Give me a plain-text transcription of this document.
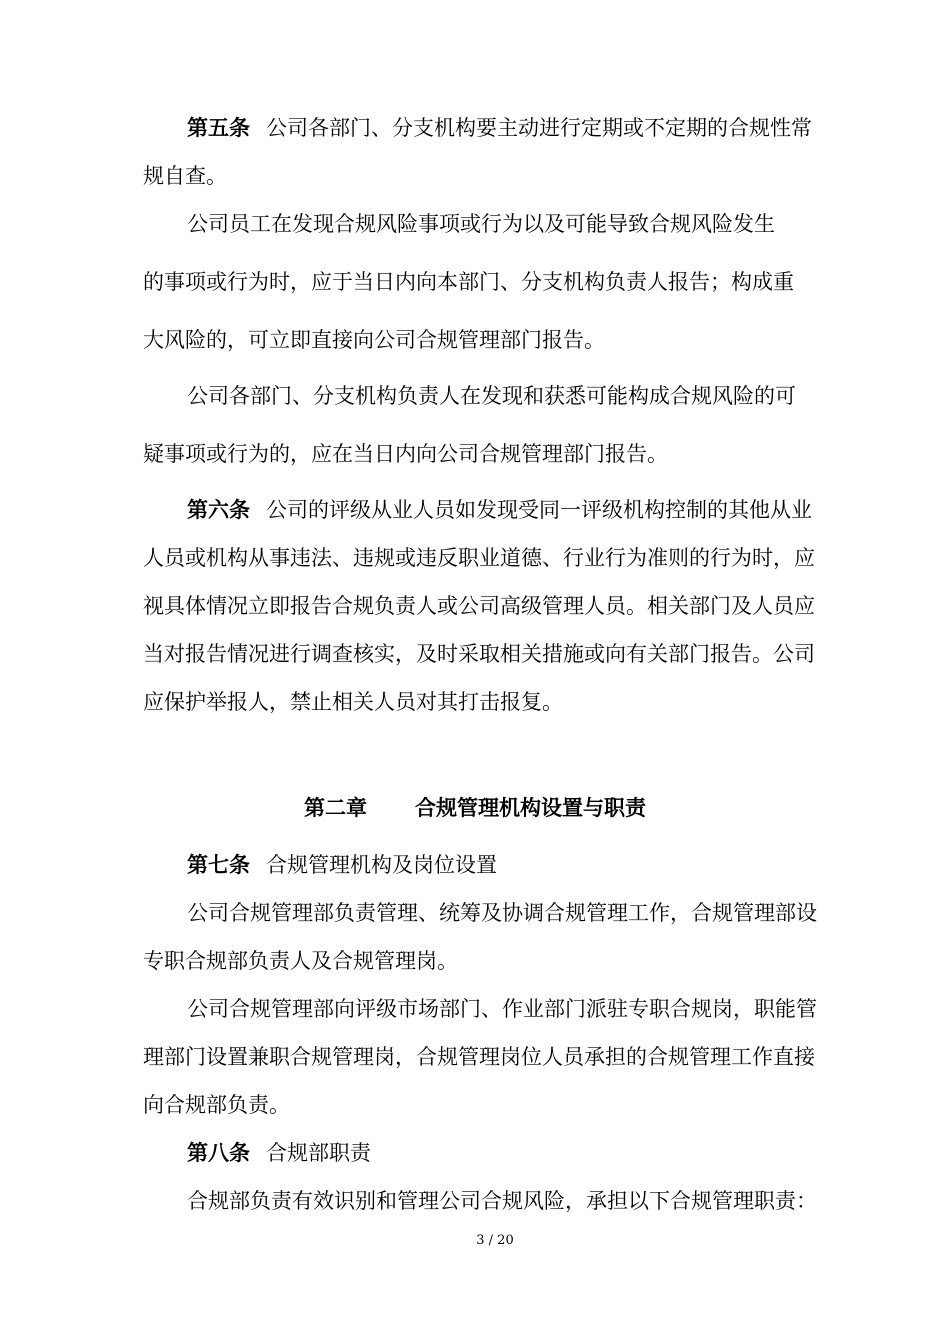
第五条 公司各部门、分支机构要主动进行定期或不定期的合规性常
规自查。
公司员工在发现合规风险事项或行为以及可能导致合规风险发生
的事项或行为时，应于当日内向本部门、分支机构负责人报告；构成重
大风险的，可立即直接向公司合规管理部门报告。
公司各部门、分支机构负责人在发现和获悉可能构成合规风险的可
疑事项或行为的，应在当日内向公司合规管理部门报告。
第六条 公司的评级从业人员如发现受同一评级机构控制的其他从业
人员或机构从事违法、违规或违反职业道德、行业行为准则的行为时，应
视具体情况立即报告合规负责人或公司高级管理人员。相关部门及人员应
当对报告情况进行调查核实，及时采取相关措施或向有关部门报告。公司
应保护举报人，禁止相关人员对其打击报复。
第二章 合规管理机构设置与职责
第七条 合规管理机构及岗位设置
公司合规管理部负责管理、统筹及协调合规管理工作，合规管理部设
专职合规部负责人及合规管理岗。
公司合规管理部向评级市场部门、作业部门派驻专职合规岗，职能管
理部门设置兼职合规管理岗，合规管理岗位人员承担的合规管理工作直接
向合规部负责。
第八条 合规部职责
合规部负责有效识别和管理公司合规风险，承担以下合规管理职责：
3 / 20
